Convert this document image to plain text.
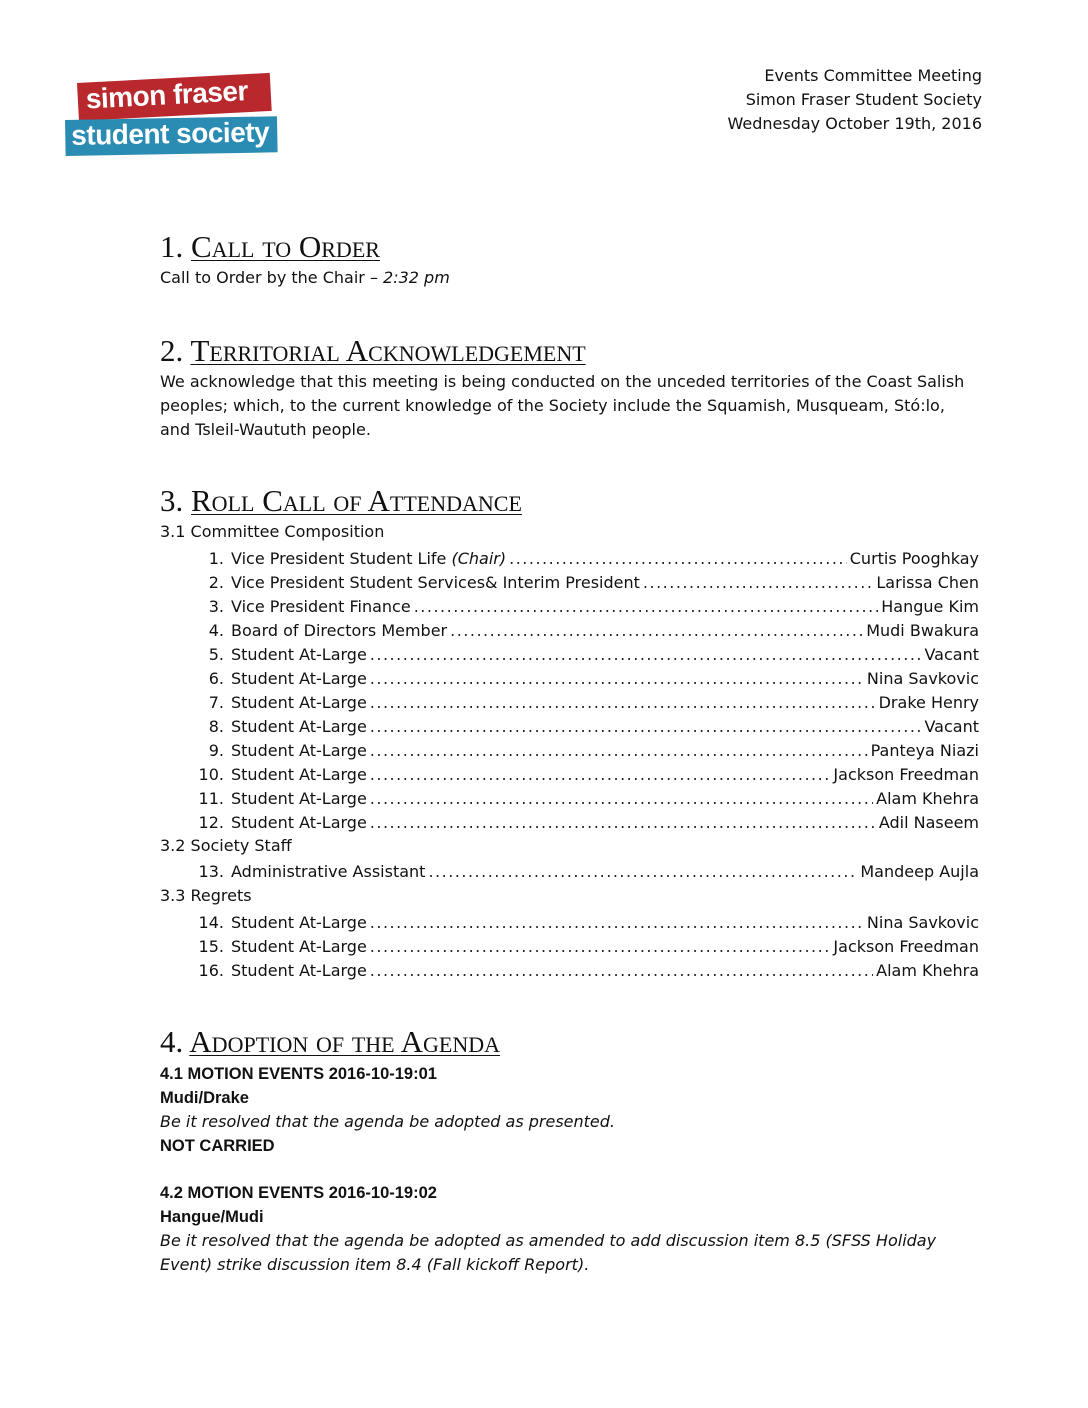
simon fraser
student society
Events Committee Meeting
Simon Fraser Student Society
Wednesday October 19th, 2016
1. Call to Order
Call to Order by the Chair – 2:32 pm
2. Territorial Acknowledgement
We acknowledge that this meeting is being conducted on the unceded territories of the Coast Salish peoples; which, to the current knowledge of the Society include the Squamish, Musqueam, Stó:lo, and Tsleil-Waututh people.
3. Roll Call of Attendance
3.1 Committee Composition
1. Vice President Student Life (Chair) .....	Curtis Pooghkay
2. Vice President Student Services& Interim President .....	Larissa Chen
3. Vice President Finance .....	Hangue Kim
4. Board of Directors Member .....	Mudi Bwakura
5. Student At-Large .....	Vacant
6. Student At-Large .....	Nina Savkovic
7. Student At-Large .....	Drake Henry
8. Student At-Large .....	Vacant
9. Student At-Large .....	Panteya Niazi
10. Student At-Large .....	Jackson Freedman
11. Student At-Large .....	Alam Khehra
12. Student At-Large .....	Adil Naseem
3.2 Society Staff
13. Administrative Assistant .....	Mandeep Aujla
3.3 Regrets
14. Student At-Large .....	Nina Savkovic
15. Student At-Large .....	Jackson Freedman
16. Student At-Large .....	Alam Khehra
4. Adoption of the Agenda
4.1 MOTION EVENTS 2016-10-19:01
Mudi/Drake
Be it resolved that the agenda be adopted as presented.
NOT CARRIED
4.2 MOTION EVENTS 2016-10-19:02
Hangue/Mudi
Be it resolved that the agenda be adopted as amended to add discussion item 8.5 (SFSS Holiday Event) strike discussion item 8.4 (Fall kickoff Report).
